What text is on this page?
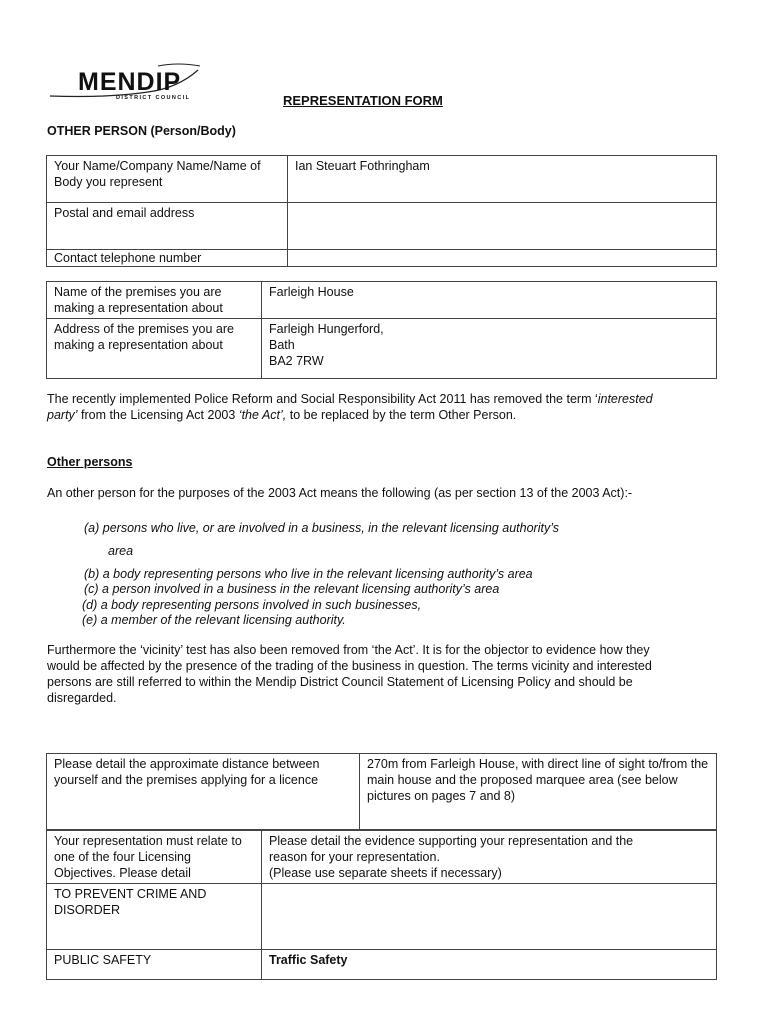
MENDIP
DISTRICT COUNCIL	REPRESENTATION FORM
OTHER PERSON (Person/Body)
Your Name/Company Name/Name of Body you represent	Ian Steuart Fothringham
Postal and email address	
Contact telephone number	
Name of the premises you are making a representation about	Farleigh House
Address of the premises you are making a representation about	Farleigh Hungerford,
Bath
BA2 7RW

The recently implemented Police Reform and Social Responsibility Act 2011 has removed the term ‘interested party’ from the Licensing Act 2003 ‘the Act’, to be replaced by the term Other Person.

Other persons

An other person for the purposes of the 2003 Act means the following (as per section 13 of the 2003 Act):-

(a) persons who live, or are involved in a business, in the relevant licensing authority’s
area
(b) a body representing persons who live in the relevant licensing authority’s area
(c) a person involved in a business in the relevant licensing authority’s area
(d) a body representing persons involved in such businesses,
(e) a member of the relevant licensing authority.

Furthermore the ‘vicinity’ test has also been removed from ‘the Act’. It is for the objector to evidence how they would be affected by the presence of the trading of the business in question. The terms vicinity and interested persons are still referred to within the Mendip District Council Statement of Licensing Policy and should be disregarded.

Please detail the approximate distance between yourself and the premises applying for a licence	270m from Farleigh House, with direct line of sight to/from the main house and the proposed marquee area (see below pictures on pages 7 and 8)
Your representation must relate to one of the four Licensing Objectives. Please detail	Please detail the evidence supporting your representation and the
reason for your representation.
(Please use separate sheets if necessary)

TO PREVENT CRIME AND DISORDER	
PUBLIC SAFETY	Traffic Safety
